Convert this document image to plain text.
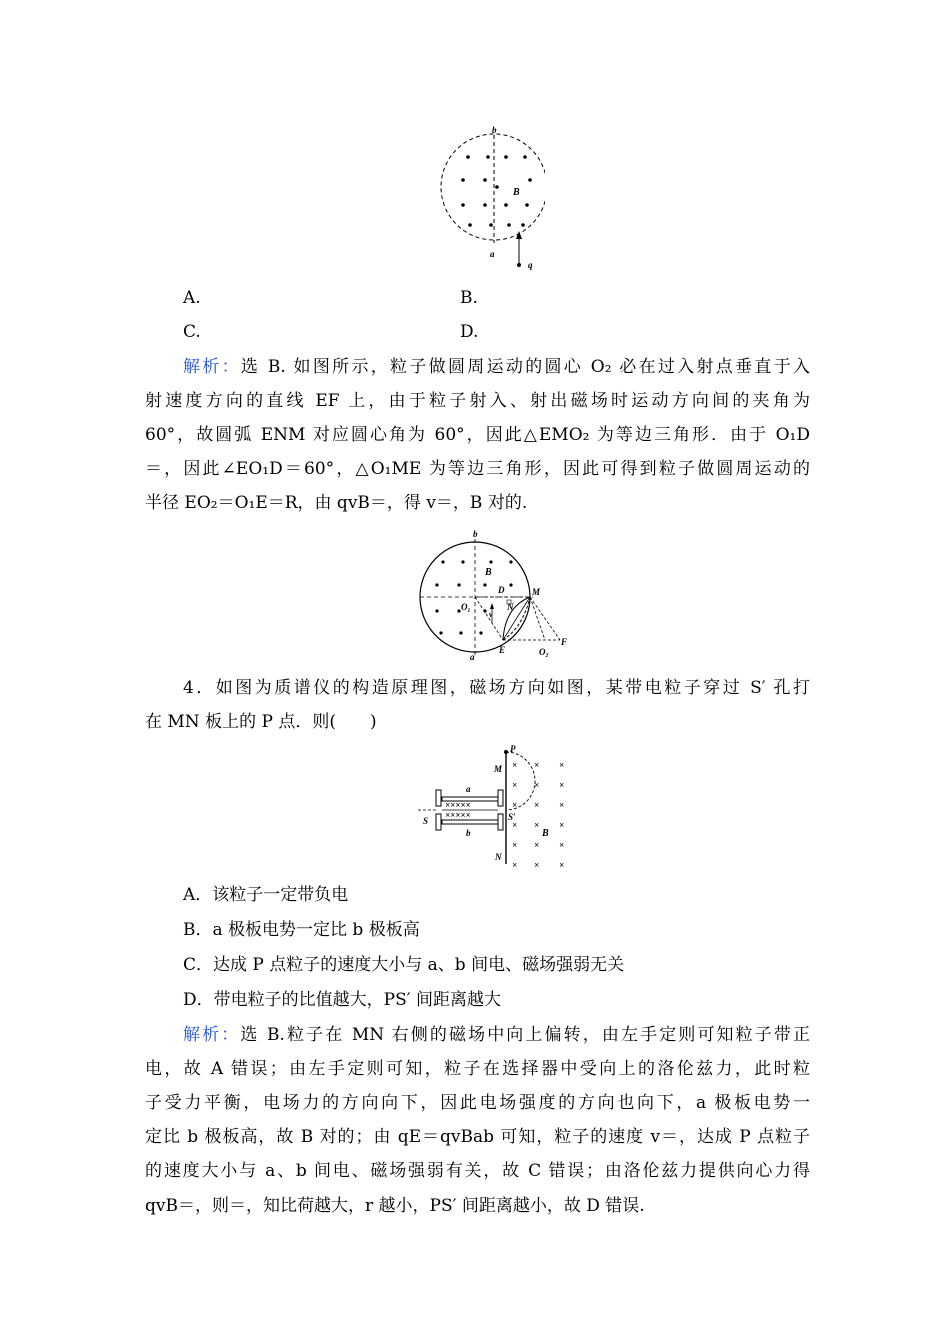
b
B
a
q
A.	B.
C.	D.
解析：选 B. 如图所示，粒子做圆周运动的圆心 O₂ 必在过入射点垂直于入
射速度方向的直线 EF 上，由于粒子射入、射出磁场时运动方向间的夹角为
60°，故圆弧 ENM 对应圆心角为 60°，因此△EMO₂ 为等边三角形．由于 O₁D
＝，因此∠EO₁D＝60°，△O₁ME 为等边三角形，因此可得到粒子做圆周运动的
半径 EO₂＝O₁E＝R，由 qvB＝，得 v＝，B 对的.
b
B
D	M
O₁	N
v
a
E	O₂
F
4．如图为质谱仪的构造原理图，磁场方向如图，某带电粒子穿过 S′ 孔打
在 MN 板上的 P 点．则(　　)
×××××
×××××
× × ×
× × ×
× × ×
× × ×
× × ×
× × ×
P
M
a
S	S′
b	B
N
A．该粒子一定带负电
B．a 极板电势一定比 b 极板高
C．达成 P 点粒子的速度大小与 a、b 间电、磁场强弱无关
D．带电粒子的比值越大，PS′ 间距离越大
解析：选 B.粒子在 MN 右侧的磁场中向上偏转，由左手定则可知粒子带正
电，故 A 错误；由左手定则可知，粒子在选择器中受向上的洛伦兹力，此时粒
子受力平衡，电场力的方向向下，因此电场强度的方向也向下，a 极板电势一
定比 b 极板高，故 B 对的；由 qE＝qvBab 可知，粒子的速度 v＝，达成 P 点粒子
的速度大小与 a、b 间电、磁场强弱有关，故 C 错误；由洛伦兹力提供向心力得
qvB＝，则＝，知比荷越大，r 越小，PS′ 间距离越小，故 D 错误.
